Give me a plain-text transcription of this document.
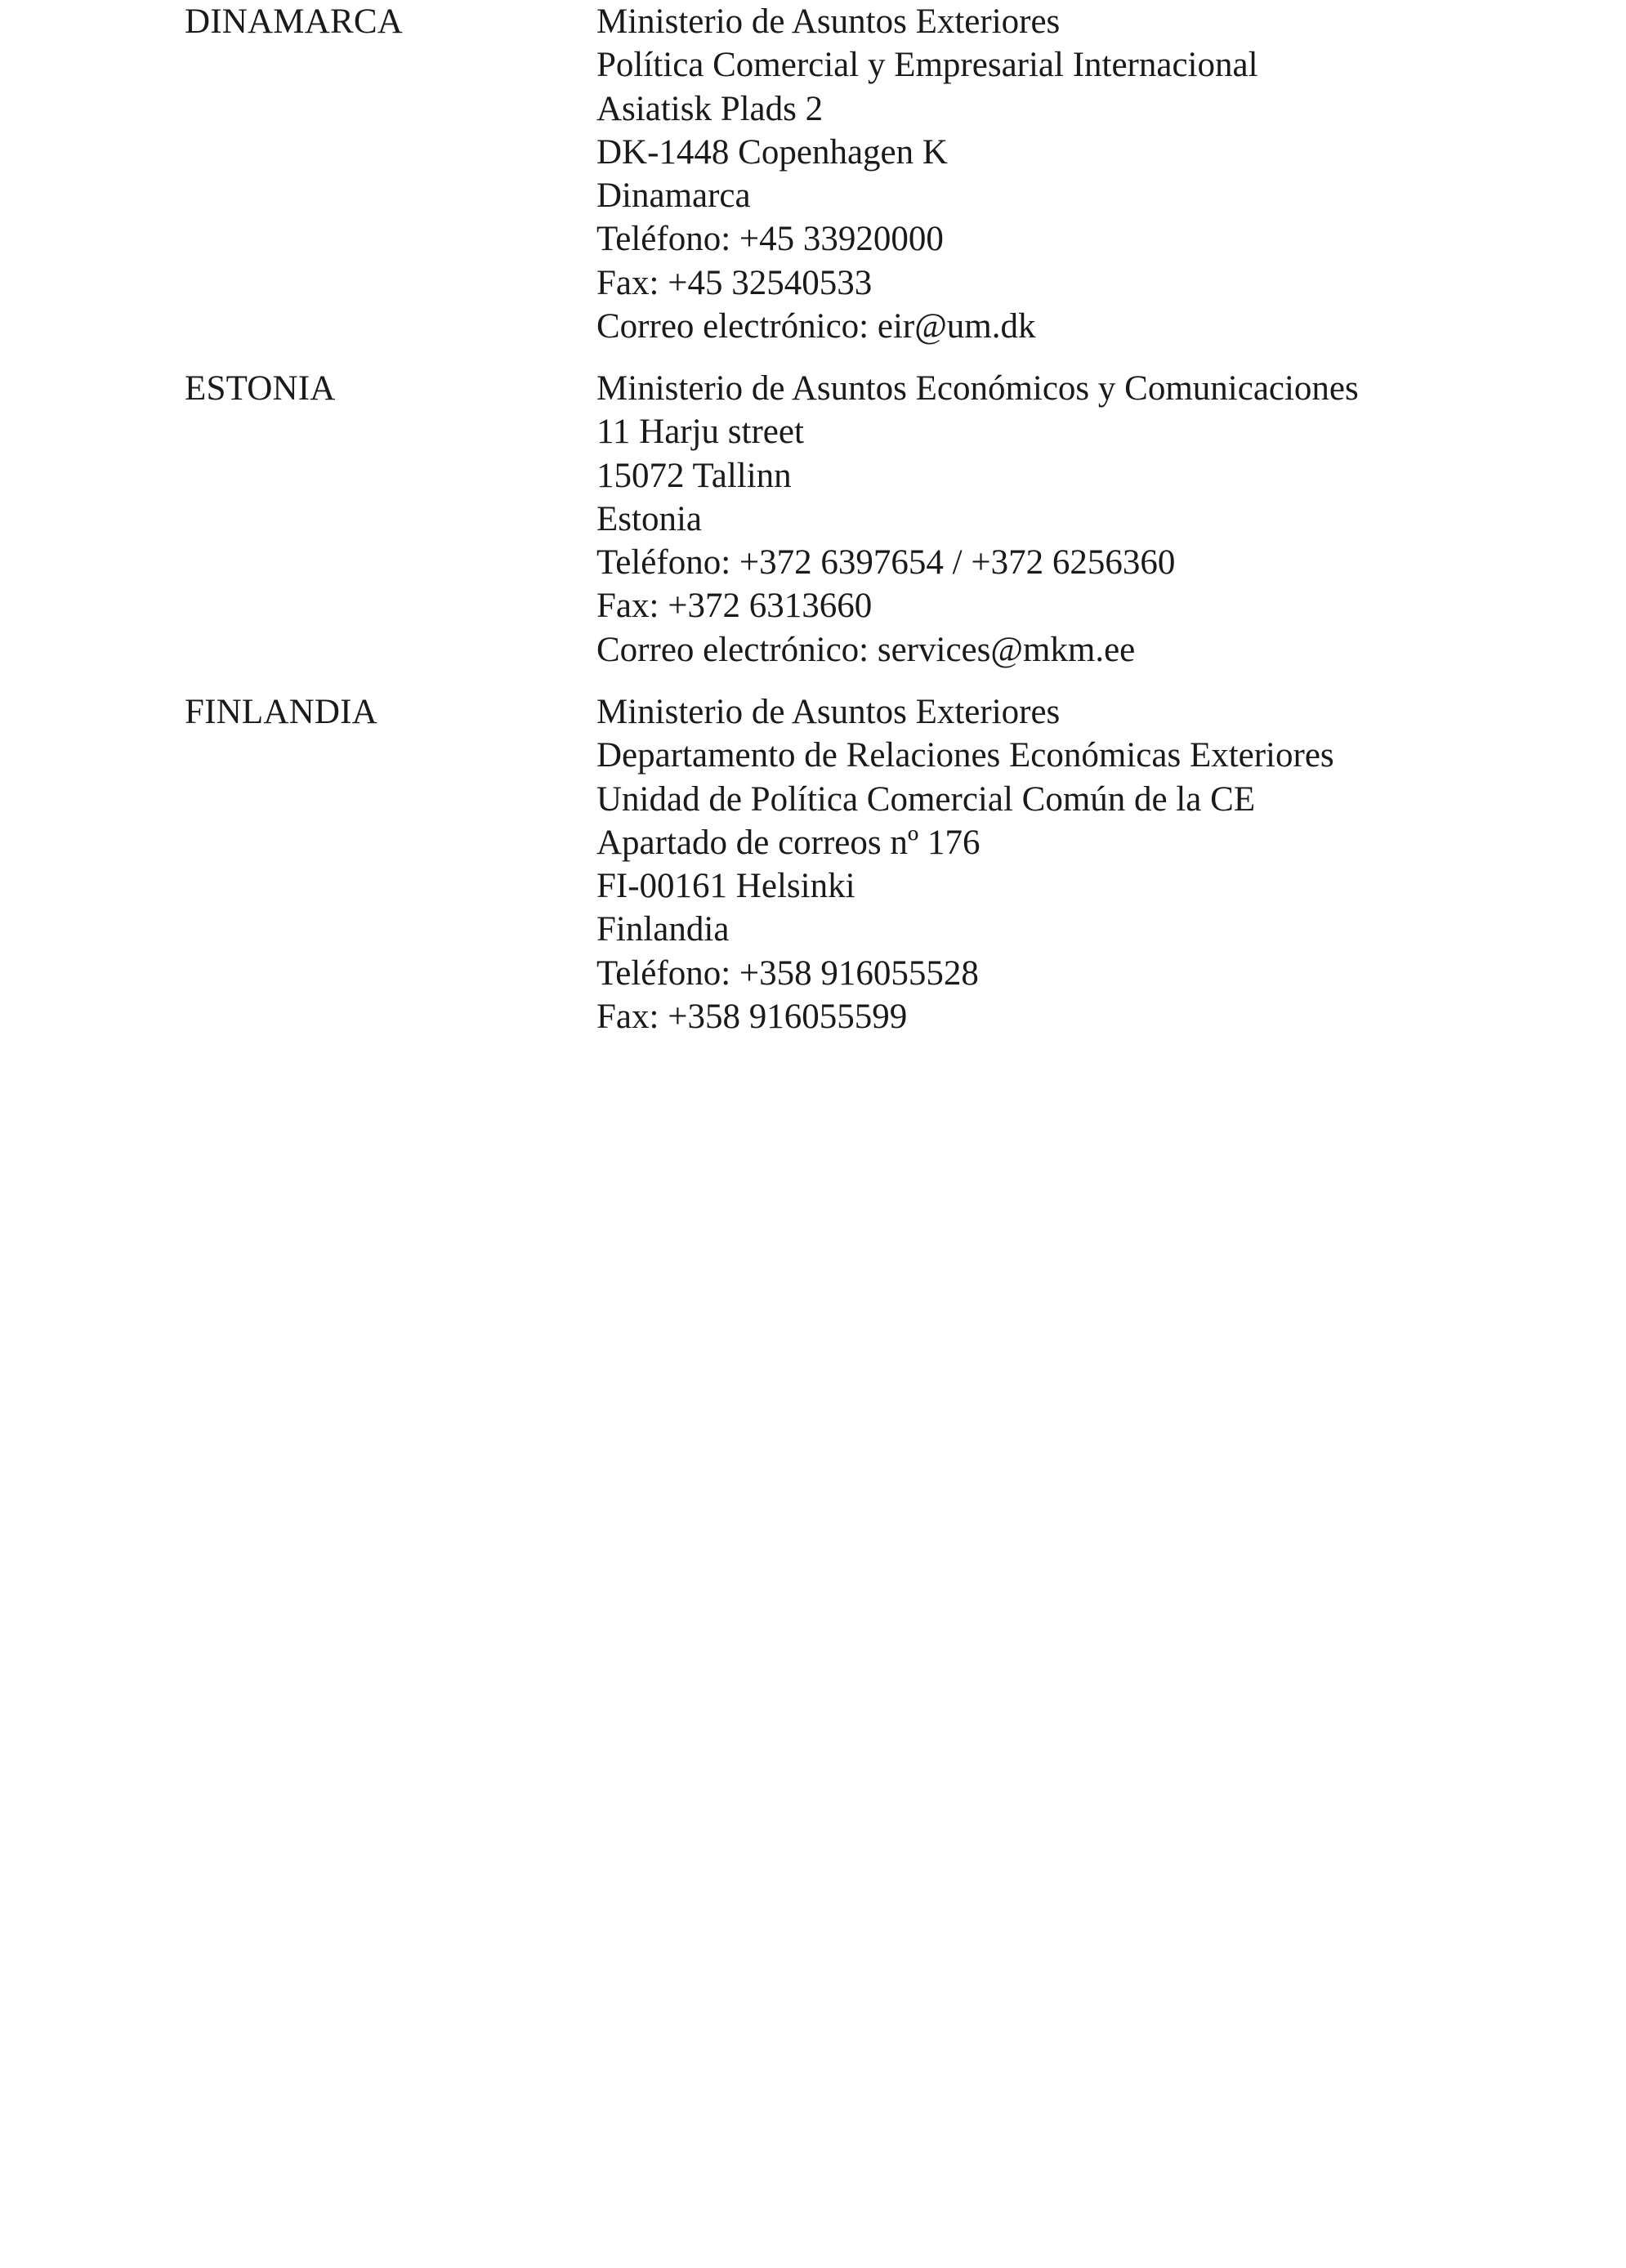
DINAMARCA	Ministerio de Asuntos Exteriores
Política Comercial y Empresarial Internacional
Asiatisk Plads 2
DK-1448 Copenhagen K
Dinamarca
Teléfono: +45 33920000
Fax: +45 32540533
Correo electrónico: eir@um.dk
ESTONIA	Ministerio de Asuntos Económicos y Comunicaciones
11 Harju street
15072 Tallinn
Estonia
Teléfono: +372 6397654 / +372 6256360
Fax: +372 6313660
Correo electrónico: services@mkm.ee
FINLANDIA	Ministerio de Asuntos Exteriores
Departamento de Relaciones Económicas Exteriores
Unidad de Política Comercial Común de la CE
Apartado de correos nº 176
FI-00161 Helsinki
Finlandia
Teléfono: +358 916055528
Fax: +358 916055599
